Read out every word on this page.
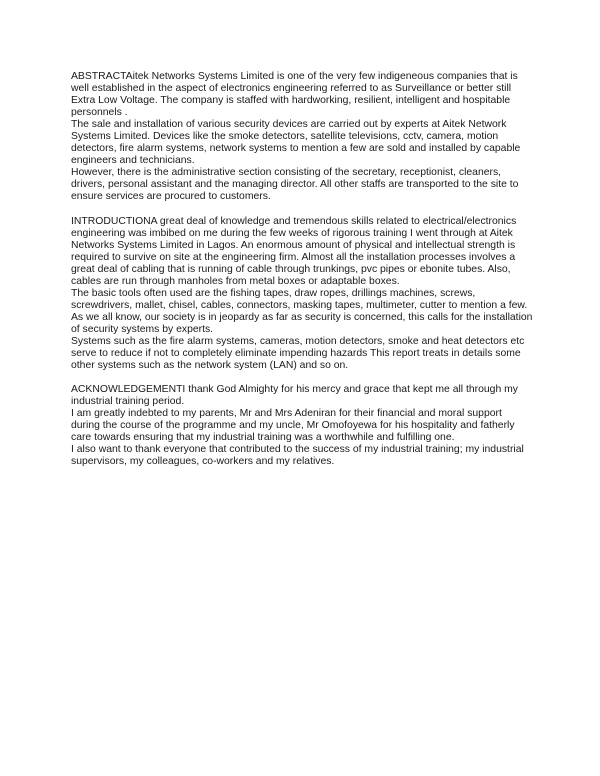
ABSTRACTAitek Networks Systems Limited is one of the very few indigeneous companies that is well established in the aspect of electronics engineering referred to as Surveillance or better still Extra Low Voltage. The company is staffed with hardworking, resilient, intelligent and hospitable personnels .

The sale and installation of various security devices are carried out by experts at Aitek Network Systems Limited. Devices like the smoke detectors, satellite televisions, cctv, camera, motion detectors, fire alarm systems, network systems to mention a few are sold and installed by capable engineers and technicians.

However, there is the administrative section consisting of the secretary, receptionist, cleaners, drivers, personal assistant and the managing director. All other staffs are transported to the site to ensure services are procured to customers.

INTRODUCTIONA great deal of knowledge and tremendous skills related to electrical/electronics engineering was imbibed on me during the few weeks of rigorous training I went through at Aitek Networks Systems Limited in Lagos. An enormous amount of physical and intellectual strength is required to survive on site at the engineering firm. Almost all the installation processes involves a great deal of cabling that is running of cable through trunkings, pvc pipes or ebonite tubes. Also, cables are run through manholes from metal boxes or adaptable boxes.

The basic tools often used are the fishing tapes, draw ropes, drillings machines, screws, screwdrivers, mallet, chisel, cables, connectors, masking tapes, multimeter, cutter to mention a few.

As we all know, our society is in jeopardy as far as security is concerned, this calls for the installation of security systems by experts.

Systems such as the fire alarm systems, cameras, motion detectors, smoke and heat detectors etc serve to reduce if not to completely eliminate impending hazards This report treats in details some other systems such as the network system (LAN) and so on.

ACKNOWLEDGEMENTI thank God Almighty for his mercy and grace that kept me all through my industrial training period.

I am greatly indebted to my parents, Mr and Mrs Adeniran for their financial and moral support during the course of the programme and my uncle, Mr Omofoyewa for his hospitality and fatherly care towards ensuring that my industrial training was a worthwhile and fulfilling one.

I also want to thank everyone that contributed to the success of my industrial training; my industrial supervisors, my colleagues, co-workers and my relatives.
